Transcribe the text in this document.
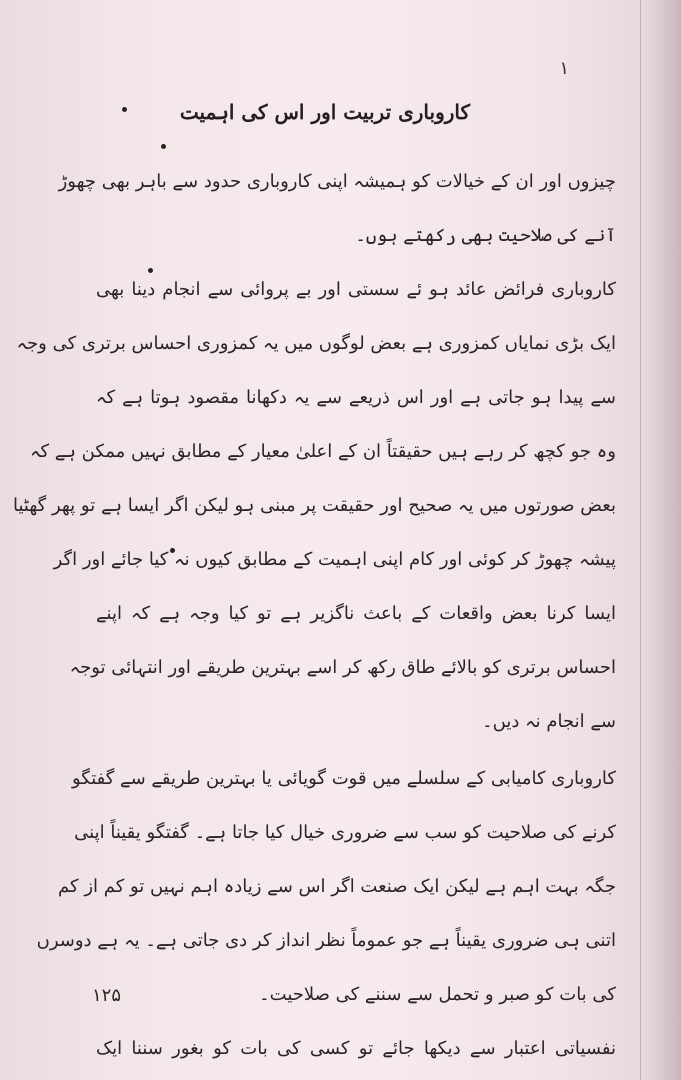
۱
کاروباری تربیت اور اس کی اہمیت
چیزوں اور ان کے خیالات کو ہمیشہ اپنی کاروباری حدود سے باہر بھی چھوڑ
آنے کی صلاحیت بھی رکھتے ہوں۔
کاروباری فرائض عائد ہو ئے سستی اور بے پروائی سے انجام دینا بھی
ایک بڑی نمایاں کمزوری ہے بعض لوگوں میں یہ کمزوری احساس برتری کی وجہ
سے پیدا ہو جاتی ہے اور اس ذریعے سے یہ دکھانا مقصود ہوتا ہے کہ
وہ جو کچھ کر رہے ہیں حقیقتاً ان کے اعلیٰ معیار کے مطابق نہیں ممکن ہے کہ
بعض صورتوں میں یہ صحیح اور حقیقت پر مبنی ہو لیکن اگر ایسا ہے تو پھر گھٹیا
پیشہ چھوڑ کر کوئی اور کام اپنی اہمیت کے مطابق کیوں نہ کیا جائے اور اگر
ایسا کرنا بعض واقعات کے باعث ناگزیر ہے تو کیا وجہ ہے کہ اپنے
احساس برتری کو بالائے طاق رکھ کر اسے بہترین طریقے اور انتہائی توجہ
سے انجام نہ دیں۔
کاروباری کامیابی کے سلسلے میں قوت گویائی یا بہترین طریقے سے گفتگو
کرنے کی صلاحیت کو سب سے ضروری خیال کیا جاتا ہے۔ گفتگو یقیناً اپنی
جگہ بہت اہم ہے لیکن ایک صنعت اگر اس سے زیادہ اہم نہیں تو کم از کم
اتنی ہی ضروری یقیناً ہے جو عموماً نظر انداز کر دی جاتی ہے۔ یہ ہے دوسرں
کی بات کو صبر و تحمل سے سننے کی صلاحیت۔
نفسیاتی اعتبار سے دیکھا جائے تو کسی کی بات کو بغور سننا ایک
۱۲۵
